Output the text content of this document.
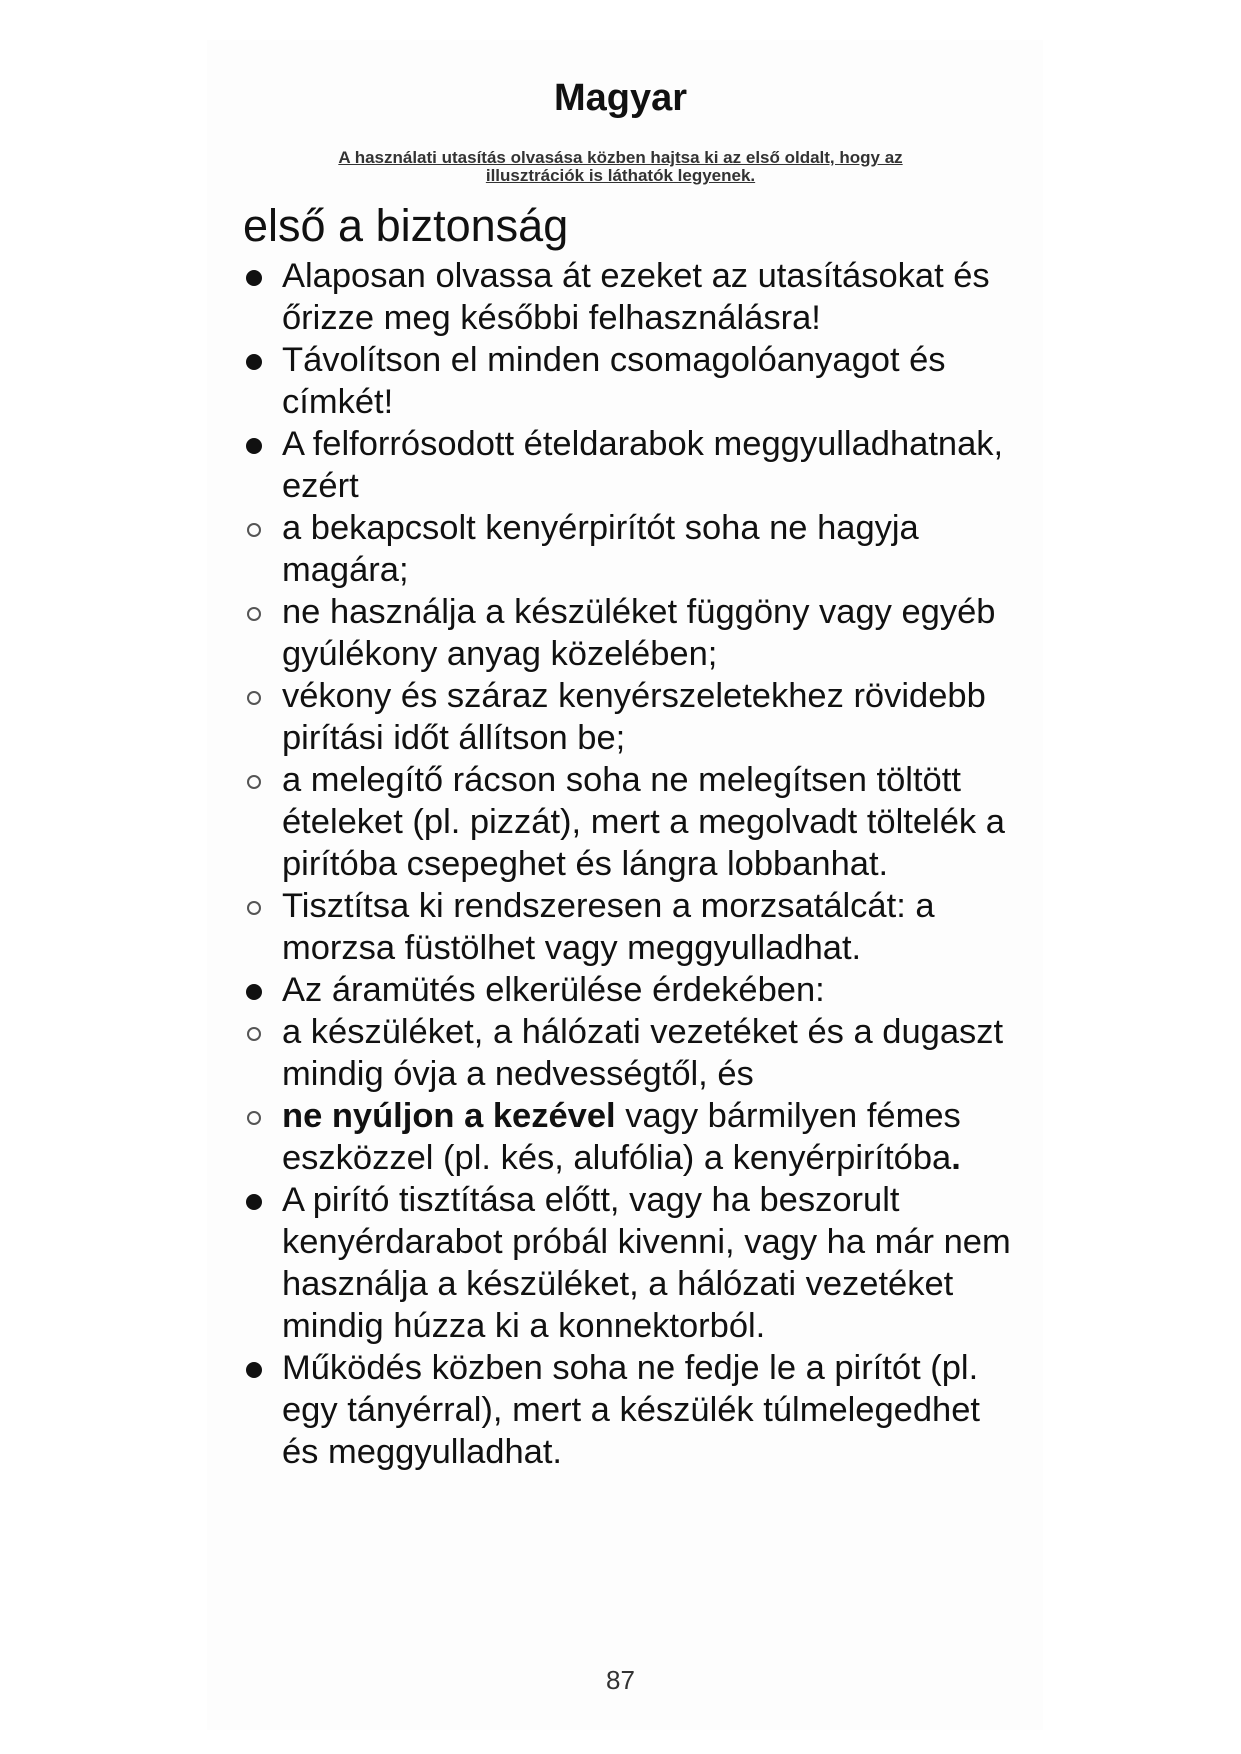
Magyar
A használati utasítás olvasása közben hajtsa ki az első oldalt, hogy az
illusztrációk is láthatók legyenek.
első a biztonság
Alaposan olvassa át ezeket az utasításokat és őrizze meg későbbi felhasználásra!
Távolítson el minden csomagolóanyagot és címkét!
A felforrósodott ételdarabok meggyulladhatnak, ezért
a bekapcsolt kenyérpirítót soha ne hagyja magára;
ne használja a készüléket függöny vagy egyéb gyúlékony anyag közelében;
vékony és száraz kenyérszeletekhez rövidebb pirítási időt állítson be;
a melegítő rácson soha ne melegítsen töltött ételeket (pl. pizzát), mert a megolvadt töltelék a pirítóba csepeghet és lángra lobbanhat.
Tisztítsa ki rendszeresen a morzsatálcát: a morzsa füstölhet vagy meggyulladhat.
Az áramütés elkerülése érdekében:
a készüléket, a hálózati vezetéket és a dugaszt mindig óvja a nedvességtől, és
ne nyúljon a kezével vagy bármilyen fémes eszközzel (pl. kés, alufólia) a kenyérpirítóba.
A pirító tisztítása előtt, vagy ha beszorult kenyérdarabot próbál kivenni, vagy ha már nem használja a készüléket, a hálózati vezetéket mindig húzza ki a konnektorból.
Működés közben soha ne fedje le a pirítót (pl. egy tányérral), mert a készülék túlmelegedhet és meggyulladhat.
87
